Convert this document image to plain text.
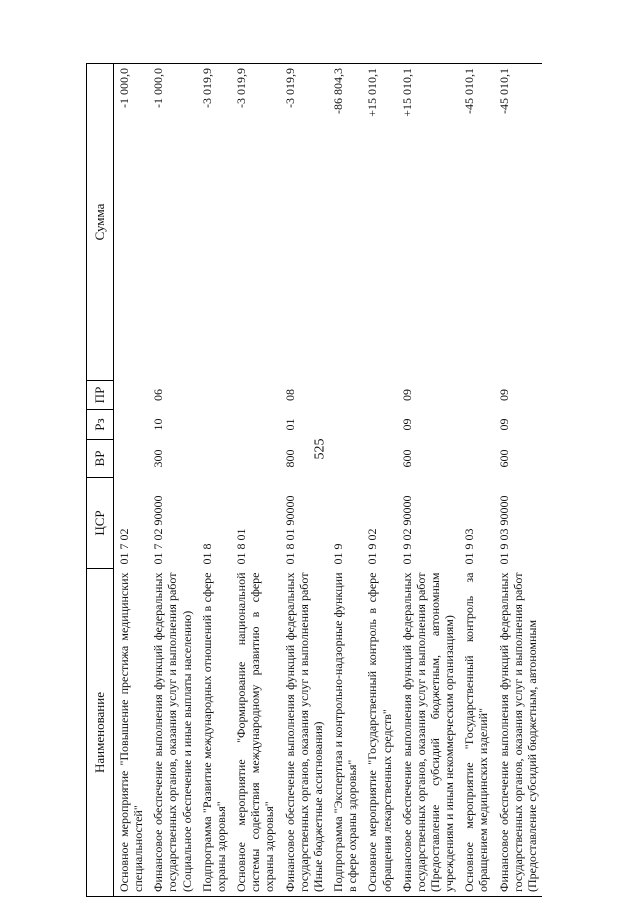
525
Наименование	ЦСР	ВР	Рз	ПР	Сумма
Основное мероприятие "Повышение престижа медицинских специальностей"	01 7 02				-1 000,0
Финансовое обеспечение выполнения функций федеральных государственных органов, оказания услуг и выполнения работ (Социальное обеспечение и иные выплаты населению)	01 7 02 90000	300	10	06	-1 000,0
Подпрограмма "Развитие международных отношений в сфере охраны здоровья"	01 8				-3 019,9
Основное мероприятие "Формирование национальной системы содействия международному развитию в сфере охраны здоровья"	01 8 01				-3 019,9
Финансовое обеспечение выполнения функций федеральных государственных органов, оказания услуг и выполнения работ (Иные бюджетные ассигнования)	01 8 01 90000	800	01	08	-3 019,9
Подпрограмма "Экспертиза и контрольно-надзорные функции в сфере охраны здоровья"	01 9				-86 804,3
Основное мероприятие "Государственный контроль в сфере обращения лекарственных средств"	01 9 02				+15 010,1
Финансовое обеспечение выполнения функций федеральных государственных органов, оказания услуг и выполнения работ (Предоставление субсидий бюджетным, автономным учреждениям и иным некоммерческим организациям)	01 9 02 90000	600	09	09	+15 010,1
Основное мероприятие "Государственный контроль за обращением медицинских изделий"	01 9 03				-45 010,1
Финансовое обеспечение выполнения функций федеральных государственных органов, оказания услуг и выполнения работ (Предоставление субсидий бюджетным, автономным	01 9 03 90000	600	09	09	-45 010,1
